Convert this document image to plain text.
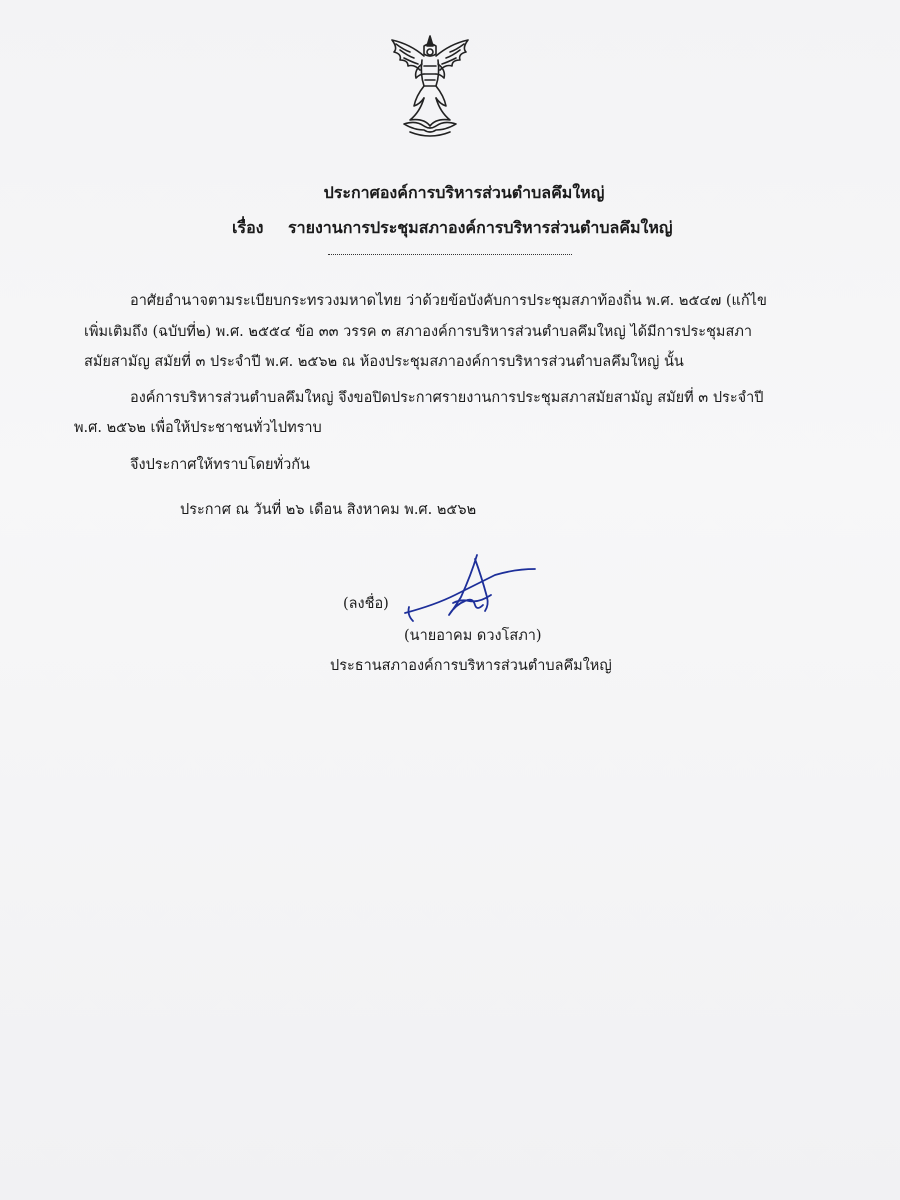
ประกาศองค์การบริหารส่วนตำบลคึมใหญ่
เรื่อง รายงานการประชุมสภาองค์การบริหารส่วนตำบลคึมใหญ่
อาศัยอำนาจตามระเบียบกระทรวงมหาดไทย ว่าด้วยข้อบังคับการประชุมสภาท้องถิ่น พ.ศ. ๒๕๔๗ (แก้ไข
เพิ่มเติมถึง (ฉบับที่๒) พ.ศ. ๒๕๕๔ ข้อ ๓๓ วรรค ๓ สภาองค์การบริหารส่วนตำบลคึมใหญ่ ได้มีการประชุมสภา
สมัยสามัญ สมัยที่ ๓ ประจำปี พ.ศ. ๒๕๖๒ ณ ห้องประชุมสภาองค์การบริหารส่วนตำบลคึมใหญ่ นั้น
องค์การบริหารส่วนตำบลคึมใหญ่ จึงขอปิดประกาศรายงานการประชุมสภาสมัยสามัญ สมัยที่ ๓ ประจำปี
พ.ศ. ๒๕๖๒ เพื่อให้ประชาชนทั่วไปทราบ
จึงประกาศให้ทราบโดยทั่วกัน
ประกาศ ณ วันที่ ๒๖ เดือน สิงหาคม พ.ศ. ๒๕๖๒
(ลงชื่อ)
(นายอาคม ดวงโสภา)
ประธานสภาองค์การบริหารส่วนตำบลคึมใหญ่
